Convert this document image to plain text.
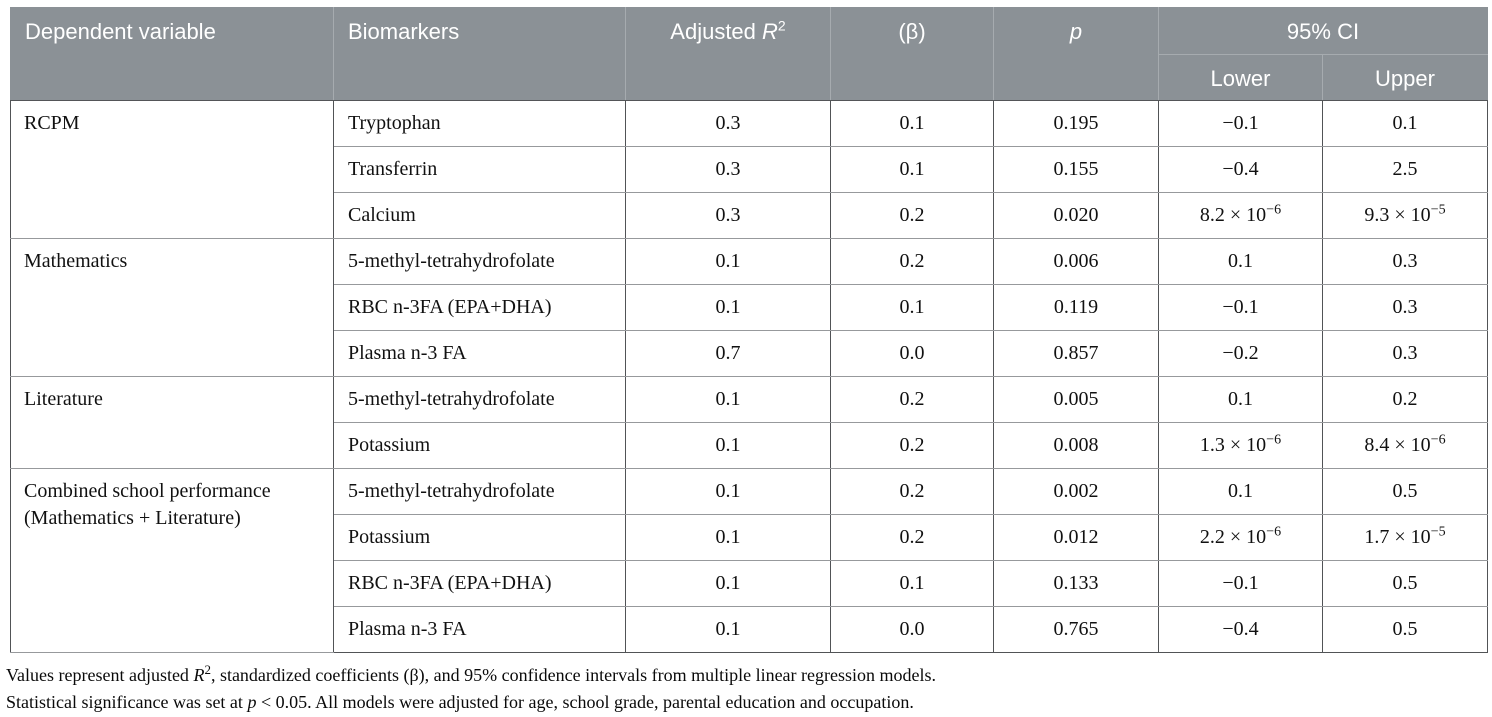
Dependent variable	Biomarkers	Adjusted $R^2$	(β)	p	95% CI	
					Lower	Upper
RCPM	Tryptophan	0.3	0.1	0.195	−0.1	0.1
	Transferrin	0.3	0.1	0.155	−0.4	2.5
	Calcium	0.3	0.2	0.020	$8.2 \times 10^{-6}$	$9.3 \times 10^{-5}$
Mathematics	5-methyl-tetrahydrofolate	0.1	0.2	0.006	0.1	0.3
	RBC n-3FA (EPA+DHA)	0.1	0.1	0.119	−0.1	0.3
	Plasma n-3 FA	0.7	0.0	0.857	−0.2	0.3
Literature	5-methyl-tetrahydrofolate	0.1	0.2	0.005	0.1	0.2
	Potassium	0.1	0.2	0.008	$1.3 \times 10^{-6}$	$8.4 \times 10^{-6}$
Combined school performance (Mathematics + Literature)	5-methyl-tetrahydrofolate	0.1	0.2	0.002	0.1	0.5
	Potassium	0.1	0.2	0.012	$2.2 \times 10^{-6}$	$1.7 \times 10^{-5}$
	RBC n-3FA (EPA+DHA)	0.1	0.1	0.133	−0.1	0.5
	Plasma n-3 FA	0.1	0.0	0.765	−0.4	0.5

Values represent adjusted $R^2$, standardized coefficients (β), and 95% confidence intervals from multiple linear regression models.

Statistical significance was set at p < 0.05. All models were adjusted for age, school grade, parental education and occupation.
